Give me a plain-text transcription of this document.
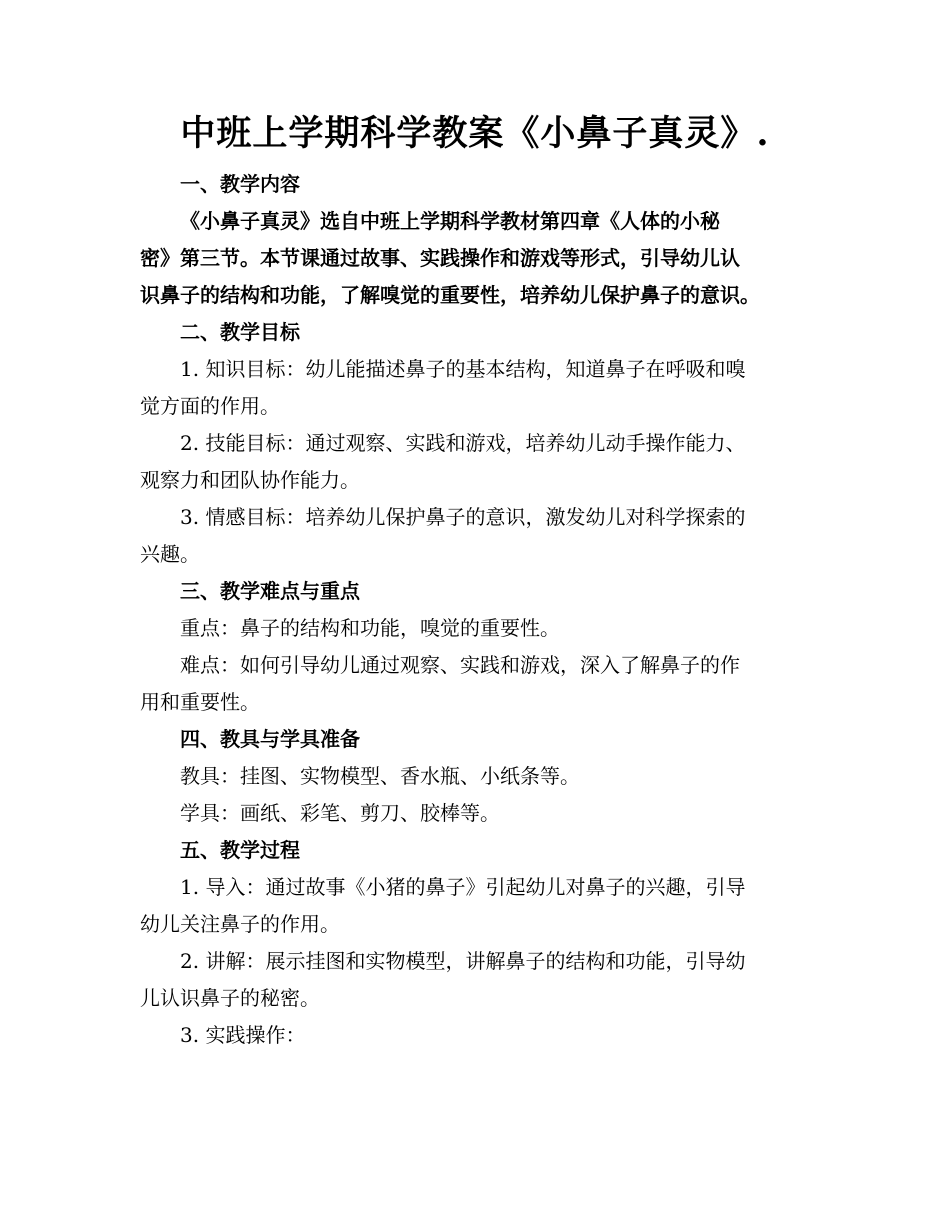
中班上学期科学教案《小鼻子真灵》.

一、教学内容

《小鼻子真灵》选自中班上学期科学教材第四章《人体的小秘
密》第三节。本节课通过故事、实践操作和游戏等形式，引导幼儿认
识鼻子的结构和功能，了解嗅觉的重要性，培养幼儿保护鼻子的意识。

二、教学目标

1. 知识目标：幼儿能描述鼻子的基本结构，知道鼻子在呼吸和嗅
觉方面的作用。

2. 技能目标：通过观察、实践和游戏，培养幼儿动手操作能力、
观察力和团队协作能力。

3. 情感目标：培养幼儿保护鼻子的意识，激发幼儿对科学探索的
兴趣。

三、教学难点与重点

重点：鼻子的结构和功能，嗅觉的重要性。

难点：如何引导幼儿通过观察、实践和游戏，深入了解鼻子的作
用和重要性。

四、教具与学具准备

教具：挂图、实物模型、香水瓶、小纸条等。

学具：画纸、彩笔、剪刀、胶棒等。

五、教学过程

1. 导入：通过故事《小猪的鼻子》引起幼儿对鼻子的兴趣，引导
幼儿关注鼻子的作用。

2. 讲解：展示挂图和实物模型，讲解鼻子的结构和功能，引导幼
儿认识鼻子的秘密。

3. 实践操作：
